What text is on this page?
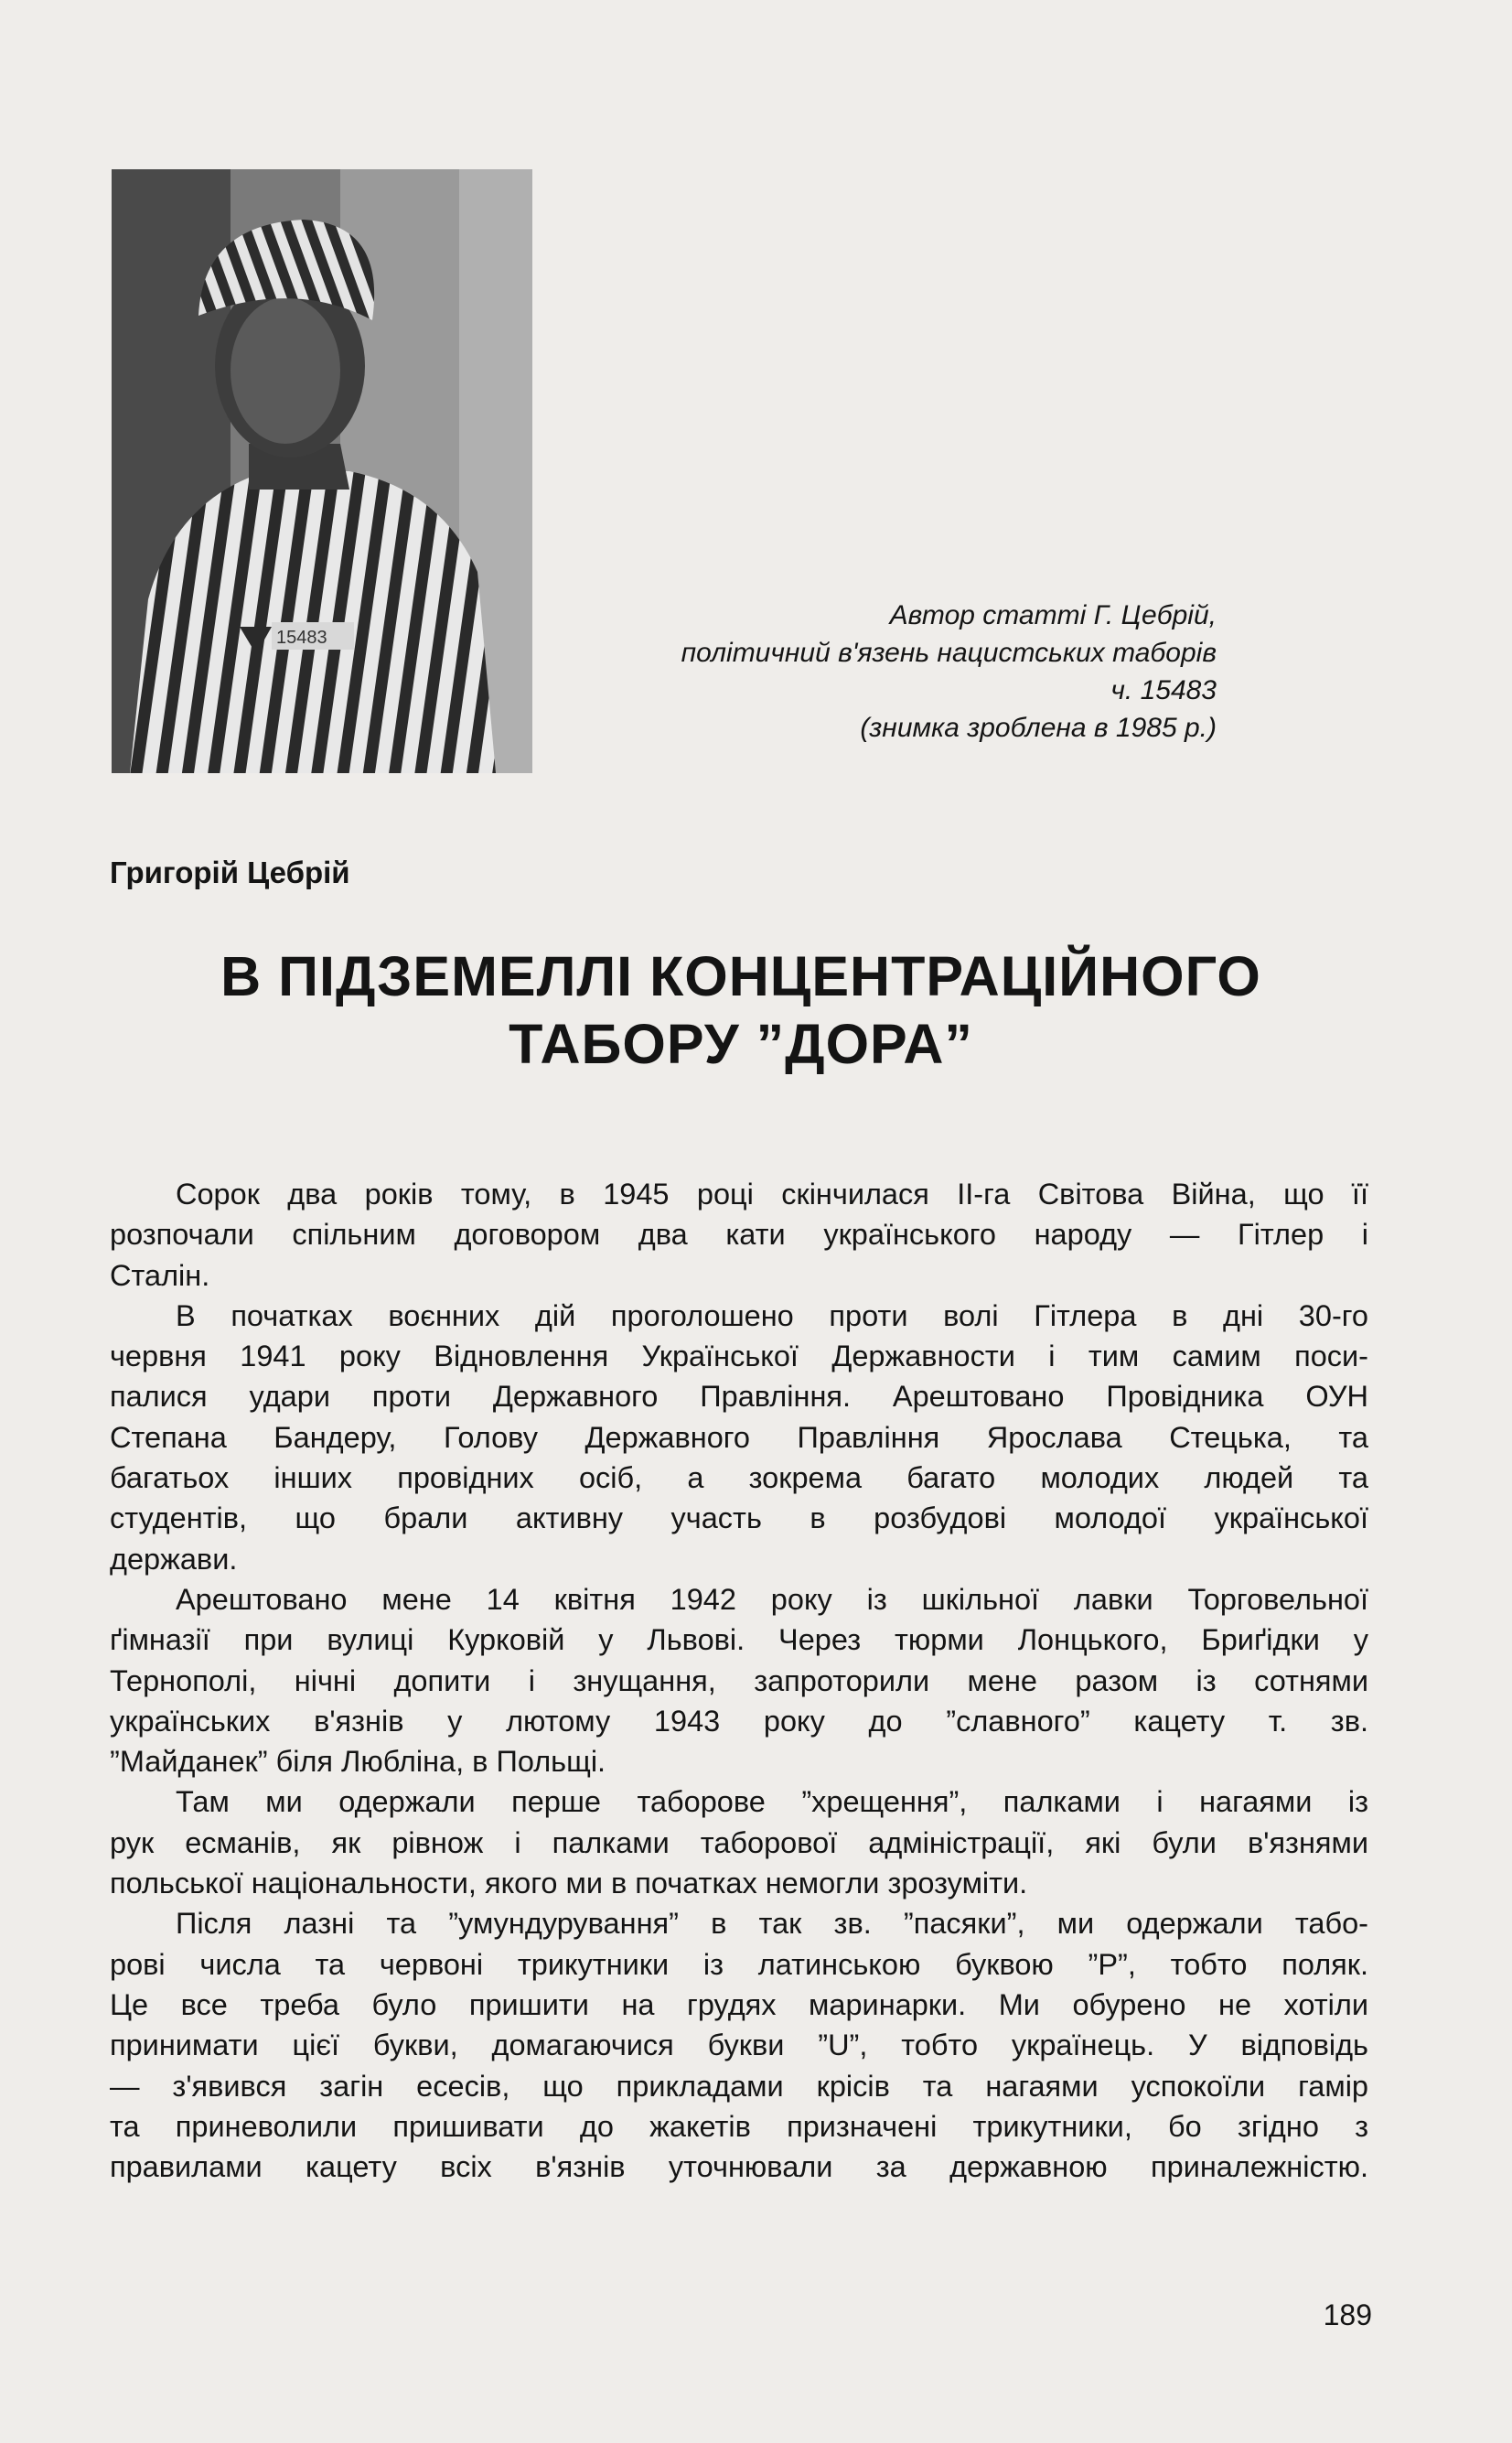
15483
Автор статті Г. Цебрій,
політичний в'язень нацистських таборів
ч. 15483
(знимка зроблена в 1985 р.)
Григорій Цебрій
В ПІДЗЕМЕЛЛІ КОНЦЕНТРАЦІЙНОГО
ТАБОРУ ”ДОРА”
Сорок два років тому, в 1945 році скінчилася ІІ-га Світова Війна, що її
розпочали спільним договором два кати українського народу — Гітлер і
Сталін.
В початках воєнних дій проголошено проти волі Гітлера в дні 30-го
червня 1941 року Відновлення Української Державности і тим самим поси-
палися удари проти Державного Правління. Арештовано Провідника ОУН
Степана Бандеру, Голову Державного Правління Ярослава Стецька, та
багатьох інших провідних осіб, а зокрема багато молодих людей та
студентів, що брали активну участь в розбудові молодої української
держави.
Арештовано мене 14 квітня 1942 року із шкільної лавки Торговельної
ґімназії при вулиці Курковій у Львові. Через тюрми Лонцького, Бриґідки у
Тернополі, нічні допити і знущання, запроторили мене разом із сотнями
українських в'язнів у лютому 1943 року до ”славного” кацету т. зв.
”Майданек” біля Любліна, в Польщі.
Там ми одержали перше таборове ”хрещення”, палками і нагаями із
рук есманів, як рівнож і палками таборової адміністрації, які були в'язнями
польської національности, якого ми в початках немогли зрозуміти.
Після лазні та ”умундурування” в так зв. ”пасяки”, ми одержали табо-
рові числа та червоні трикутники із латинською буквою ”Р”, тобто поляк.
Це все треба було пришити на грудях маринарки. Ми обурено не хотіли
принимати цієї букви, домагаючися букви ”U”, тобто українець. У відповідь
— з'явився загін есесів, що прикладами крісів та нагаями успокоїли гамір
та приневолили пришивати до жакетів призначені трикутники, бо згідно з
правилами кацету всіх в'язнів уточнювали за державною приналежністю.
189
